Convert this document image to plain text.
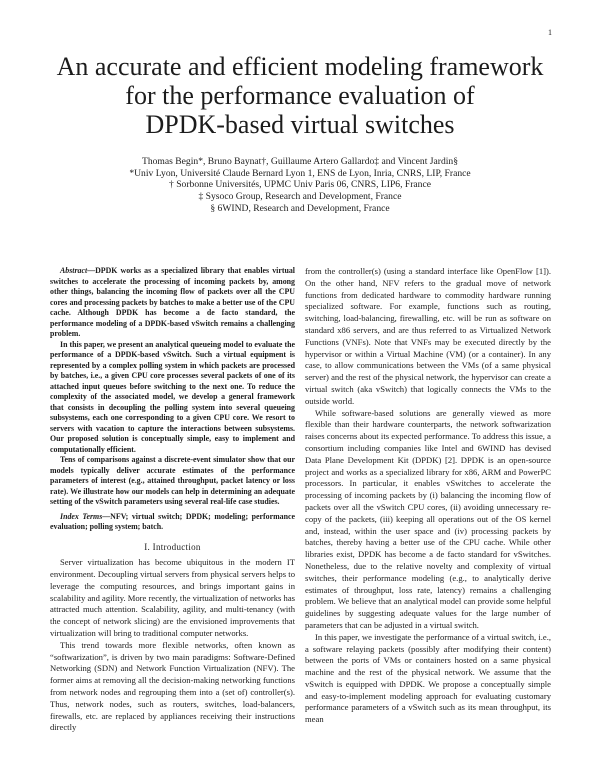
1
An accurate and efficient modeling framework
for the performance evaluation of
DPDK-based virtual switches
Thomas Begin*, Bruno Baynat†, Guillaume Artero Gallardo‡ and Vincent Jardin§
*Univ Lyon, Université Claude Bernard Lyon 1, ENS de Lyon, Inria, CNRS, LIP, France
† Sorbonne Universités, UPMC Univ Paris 06, CNRS, LIP6, France
‡ Sysoco Group, Research and Development, France
§ 6WIND, Research and Development, France

Abstract—DPDK works as a specialized library that enables virtual switches to accelerate the processing of incoming packets by, among other things, balancing the incoming flow of packets over all the CPU cores and processing packets by batches to make a better use of the CPU cache. Although DPDK has become a de facto standard, the performance modeling of a DPDK-based vSwitch remains a challenging problem.

In this paper, we present an analytical queueing model to evaluate the performance of a DPDK-based vSwitch. Such a virtual equipment is represented by a complex polling system in which packets are processed by batches, i.e., a given CPU core processes several packets of one of its attached input queues before switching to the next one. To reduce the complexity of the associated model, we develop a general framework that consists in decoupling the polling system into several queueing subsystems, each one corresponding to a given CPU core. We resort to servers with vacation to capture the interactions between subsystems. Our proposed solution is conceptually simple, easy to implement and computationally efficient.

Tens of comparisons against a discrete-event simulator show that our models typically deliver accurate estimates of the performance parameters of interest (e.g., attained throughput, packet latency or loss rate). We illustrate how our models can help in determining an adequate setting of the vSwitch parameters using several real-life case studies.

Index Terms—NFV; virtual switch; DPDK; modeling; performance evaluation; polling system; batch.
I. Introduction

Server virtualization has become ubiquitous in the modern IT environment. Decoupling virtual servers from physical servers helps to leverage the computing resources, and brings important gains in scalability and agility. More recently, the virtualization of networks has attracted much attention. Scalability, agility, and multi-tenancy (with the concept of network slicing) are the envisioned improvements that virtualization will bring to traditional computer networks.

This trend towards more flexible networks, often known as “softwarization”, is driven by two main paradigms: Software-Defined Networking (SDN) and Network Function Virtualization (NFV). The former aims at removing all the decision-making networking functions from network nodes and regrouping them into a (set of) controller(s). Thus, network nodes, such as routers, switches, load-balancers, firewalls, etc. are replaced by appliances receiving their instructions directly

from the controller(s) (using a standard interface like OpenFlow [1]). On the other hand, NFV refers to the gradual move of network functions from dedicated hardware to commodity hardware running specialized software. For example, functions such as routing, switching, load-balancing, firewalling, etc. will be run as software on standard x86 servers, and are thus referred to as Virtualized Network Functions (VNFs). Note that VNFs may be executed directly by the hypervisor or within a Virtual Machine (VM) (or a container). In any case, to allow communications between the VMs (of a same physical server) and the rest of the physical network, the hypervisor can create a virtual switch (aka vSwitch) that logically connects the VMs to the outside world.

While software-based solutions are generally viewed as more flexible than their hardware counterparts, the network softwarization raises concerns about its expected performance. To address this issue, a consortium including companies like Intel and 6WIND has devised Data Plane Development Kit (DPDK) [2]. DPDK is an open-source project and works as a specialized library for x86, ARM and PowerPC processors. In particular, it enables vSwitches to accelerate the processing of incoming packets by (i) balancing the incoming flow of packets over all the vSwitch CPU cores, (ii) avoiding unnecessary re-copy of the packets, (iii) keeping all operations out of the OS kernel and, instead, within the user space and (iv) processing packets by batches, thereby having a better use of the CPU cache. While other libraries exist, DPDK has become a de facto standard for vSwitches. Nonetheless, due to the relative novelty and complexity of virtual switches, their performance modeling (e.g., to analytically derive estimates of throughput, loss rate, latency) remains a challenging problem. We believe that an analytical model can provide some helpful guidelines by suggesting adequate values for the large number of parameters that can be adjusted in a virtual switch.

In this paper, we investigate the performance of a virtual switch, i.e., a software relaying packets (possibly after modifying their content) between the ports of VMs or containers hosted on a same physical machine and the rest of the physical network. We assume that the vSwitch is equipped with DPDK. We propose a conceptually simple and easy-to-implement modeling approach for evaluating customary performance parameters of a vSwitch such as its mean throughput, its mean
